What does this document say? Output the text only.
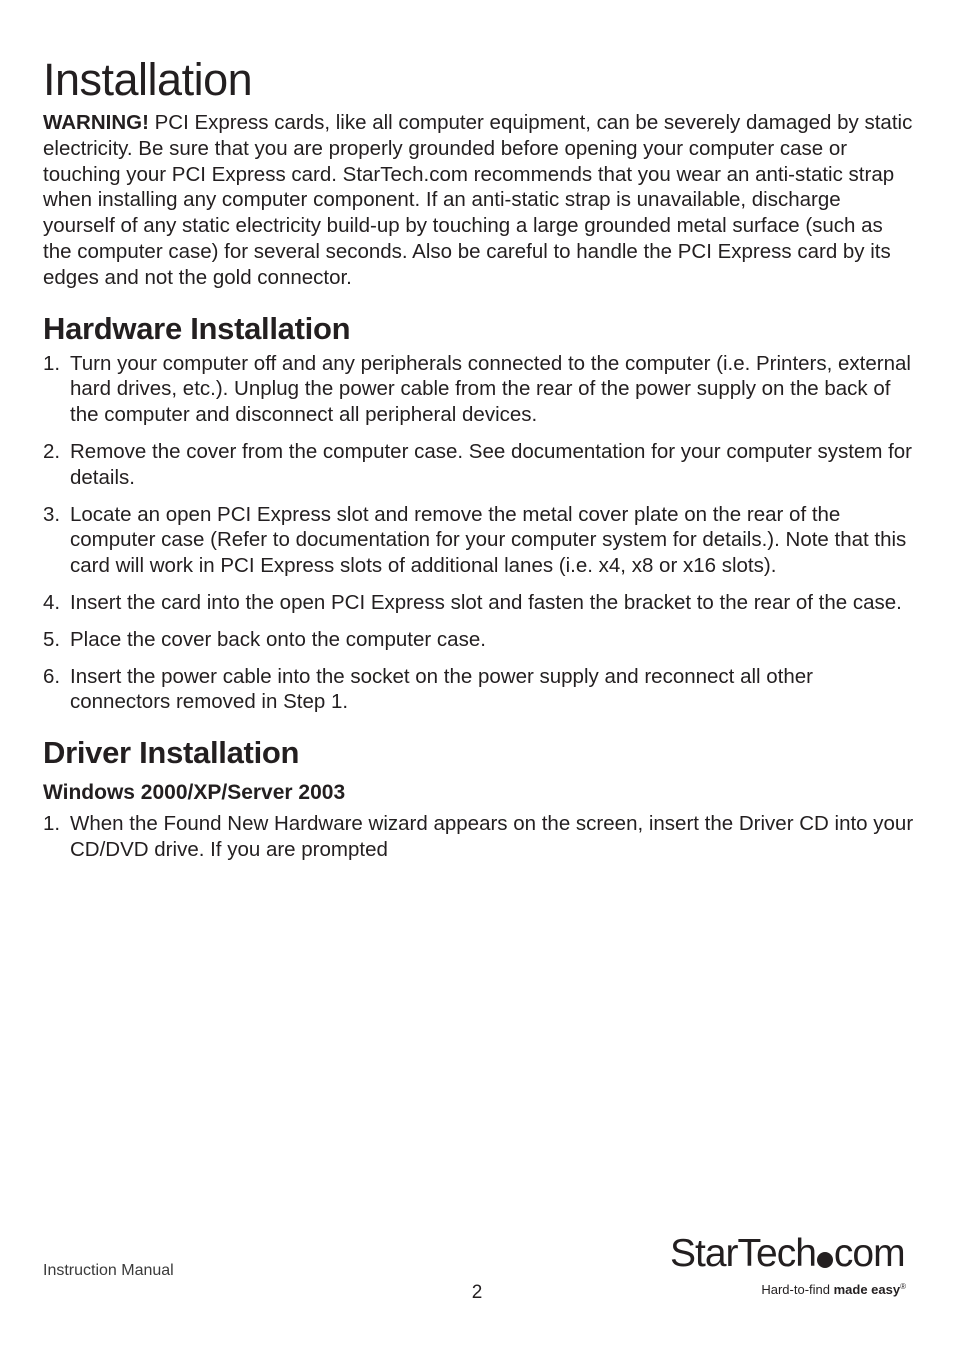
Installation

WARNING! PCI Express cards, like all computer equipment, can be severely damaged by static electricity. Be sure that you are properly grounded before opening your computer case or touching your PCI Express card. StarTech.com recommends that you wear an anti-static strap when installing any computer component. If an anti-static strap is unavailable, discharge yourself of any static electricity build-up by touching a large grounded metal surface (such as the computer case) for several seconds. Also be careful to handle the PCI Express card by its edges and not the gold connector.

Hardware Installation
1. Turn your computer off and any peripherals connected to the computer (i.e. Printers, external hard drives, etc.). Unplug the power cable from the rear of the power supply on the back of the computer and disconnect all peripheral devices.
2. Remove the cover from the computer case. See documentation for your computer system for details.
3. Locate an open PCI Express slot and remove the metal cover plate on the rear of the computer case (Refer to documentation for your computer system for details.). Note that this card will work in PCI Express slots of additional lanes (i.e. x4, x8 or x16 slots).
4. Insert the card into the open PCI Express slot and fasten the bracket to the rear of the case.
5. Place the cover back onto the computer case.
6. Insert the power cable into the socket on the power supply and reconnect all other connectors removed in Step 1.
Driver Installation
Windows 2000/XP/Server 2003
1. When the Found New Hardware wizard appears on the screen, insert the Driver CD into your CD/DVD drive. If you are prompted
Instruction Manual
2
StarTech com
Hard-to-find made easy®
